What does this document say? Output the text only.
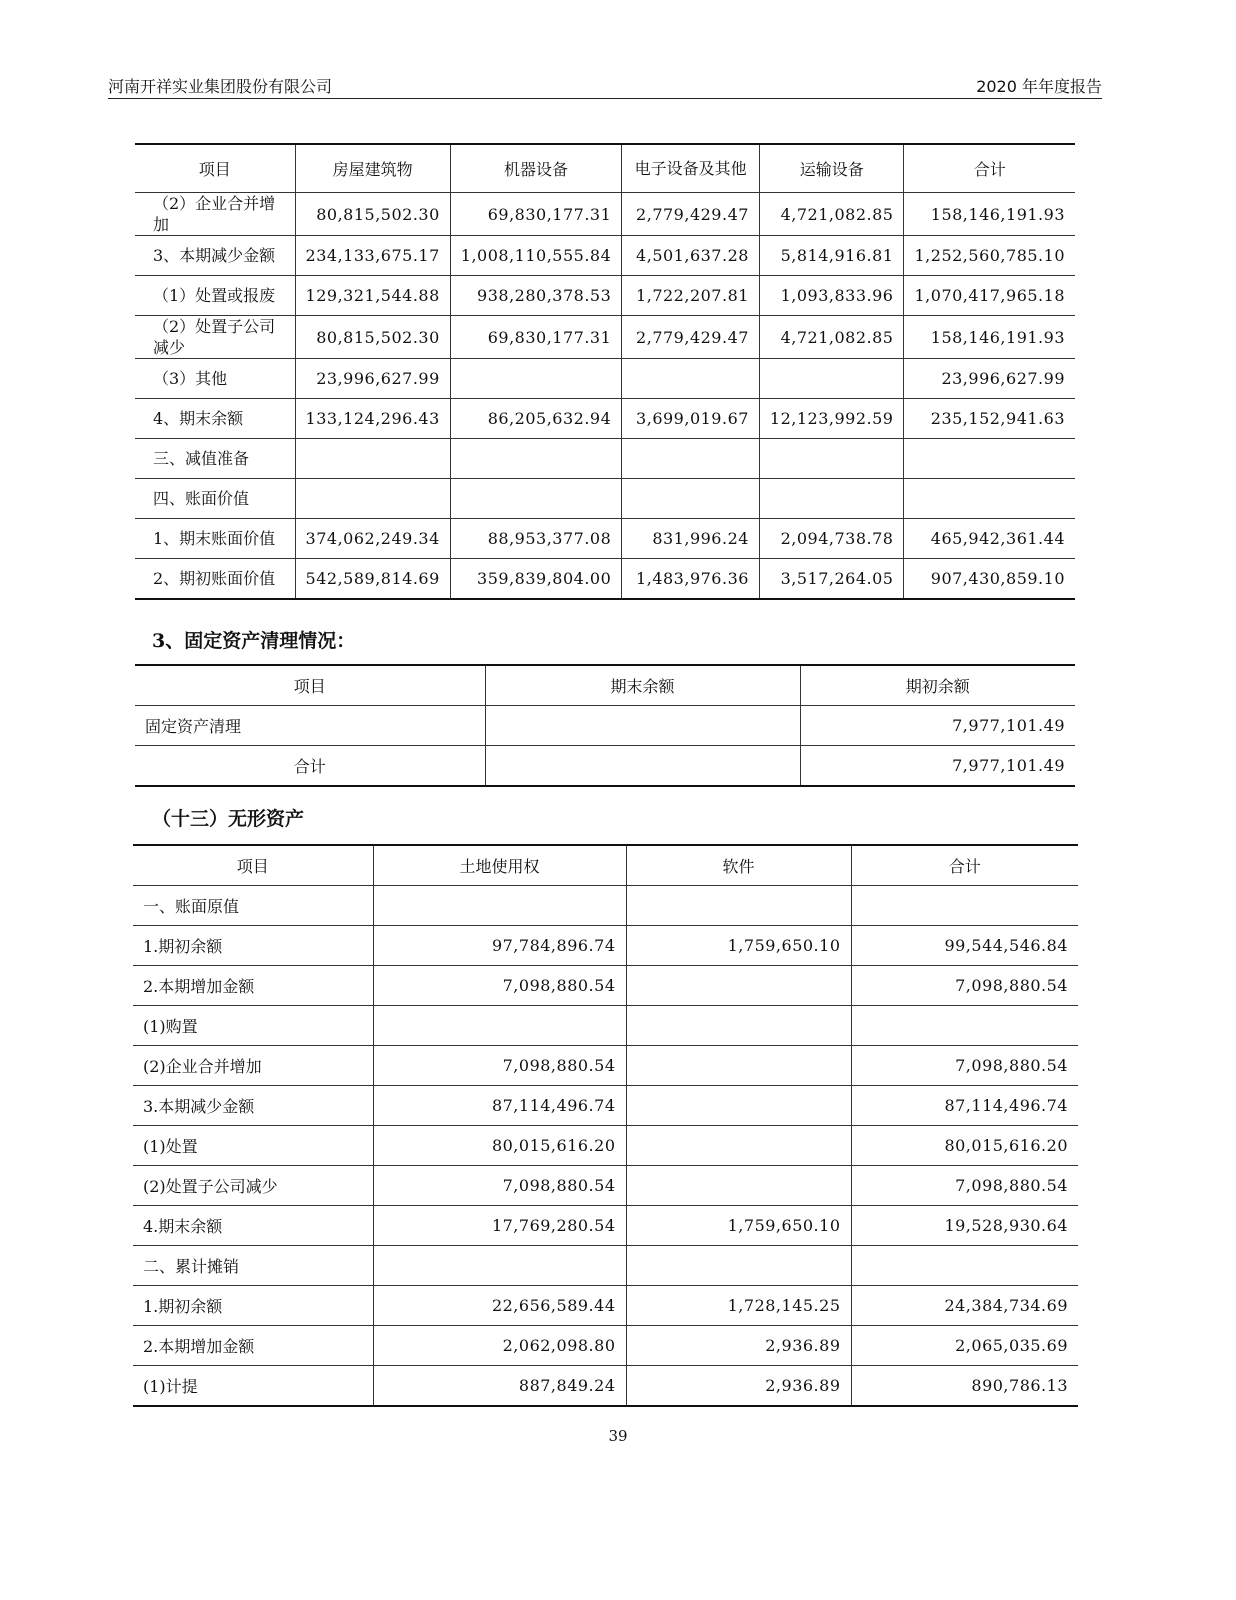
河南开祥实业集团股份有限公司	2020 年年度报告
项目	房屋建筑物	机器设备	电子设备及其他	运输设备	合计
（2）企业合并增加	80,815,502.30	69,830,177.31	2,779,429.47	4,721,082.85	158,146,191.93
3、本期减少金额	234,133,675.17	1,008,110,555.84	4,501,637.28	5,814,916.81	1,252,560,785.10
（1）处置或报废	129,321,544.88	938,280,378.53	1,722,207.81	1,093,833.96	1,070,417,965.18
（2）处置子公司减少	80,815,502.30	69,830,177.31	2,779,429.47	4,721,082.85	158,146,191.93
（3）其他	23,996,627.99				23,996,627.99
4、期末余额	133,124,296.43	86,205,632.94	3,699,019.67	12,123,992.59	235,152,941.63
三、减值准备					
四、账面价值					
1、期末账面价值	374,062,249.34	88,953,377.08	831,996.24	2,094,738.78	465,942,361.44
2、期初账面价值	542,589,814.69	359,839,804.00	1,483,976.36	3,517,264.05	907,430,859.10
3、固定资产清理情况：
项目	期末余额	期初余额
固定资产清理		7,977,101.49
合计		7,977,101.49
（十三）无形资产
项目	土地使用权	软件	合计
一、账面原值			
1.期初余额	97,784,896.74	1,759,650.10	99,544,546.84
2.本期增加金额	7,098,880.54		7,098,880.54
(1)购置			
(2)企业合并增加	7,098,880.54		7,098,880.54
3.本期减少金额	87,114,496.74		87,114,496.74
(1)处置	80,015,616.20		80,015,616.20
(2)处置子公司减少	7,098,880.54		7,098,880.54
4.期末余额	17,769,280.54	1,759,650.10	19,528,930.64
二、累计摊销			
1.期初余额	22,656,589.44	1,728,145.25	24,384,734.69
2.本期增加金额	2,062,098.80	2,936.89	2,065,035.69
(1)计提	887,849.24	2,936.89	890,786.13
39
